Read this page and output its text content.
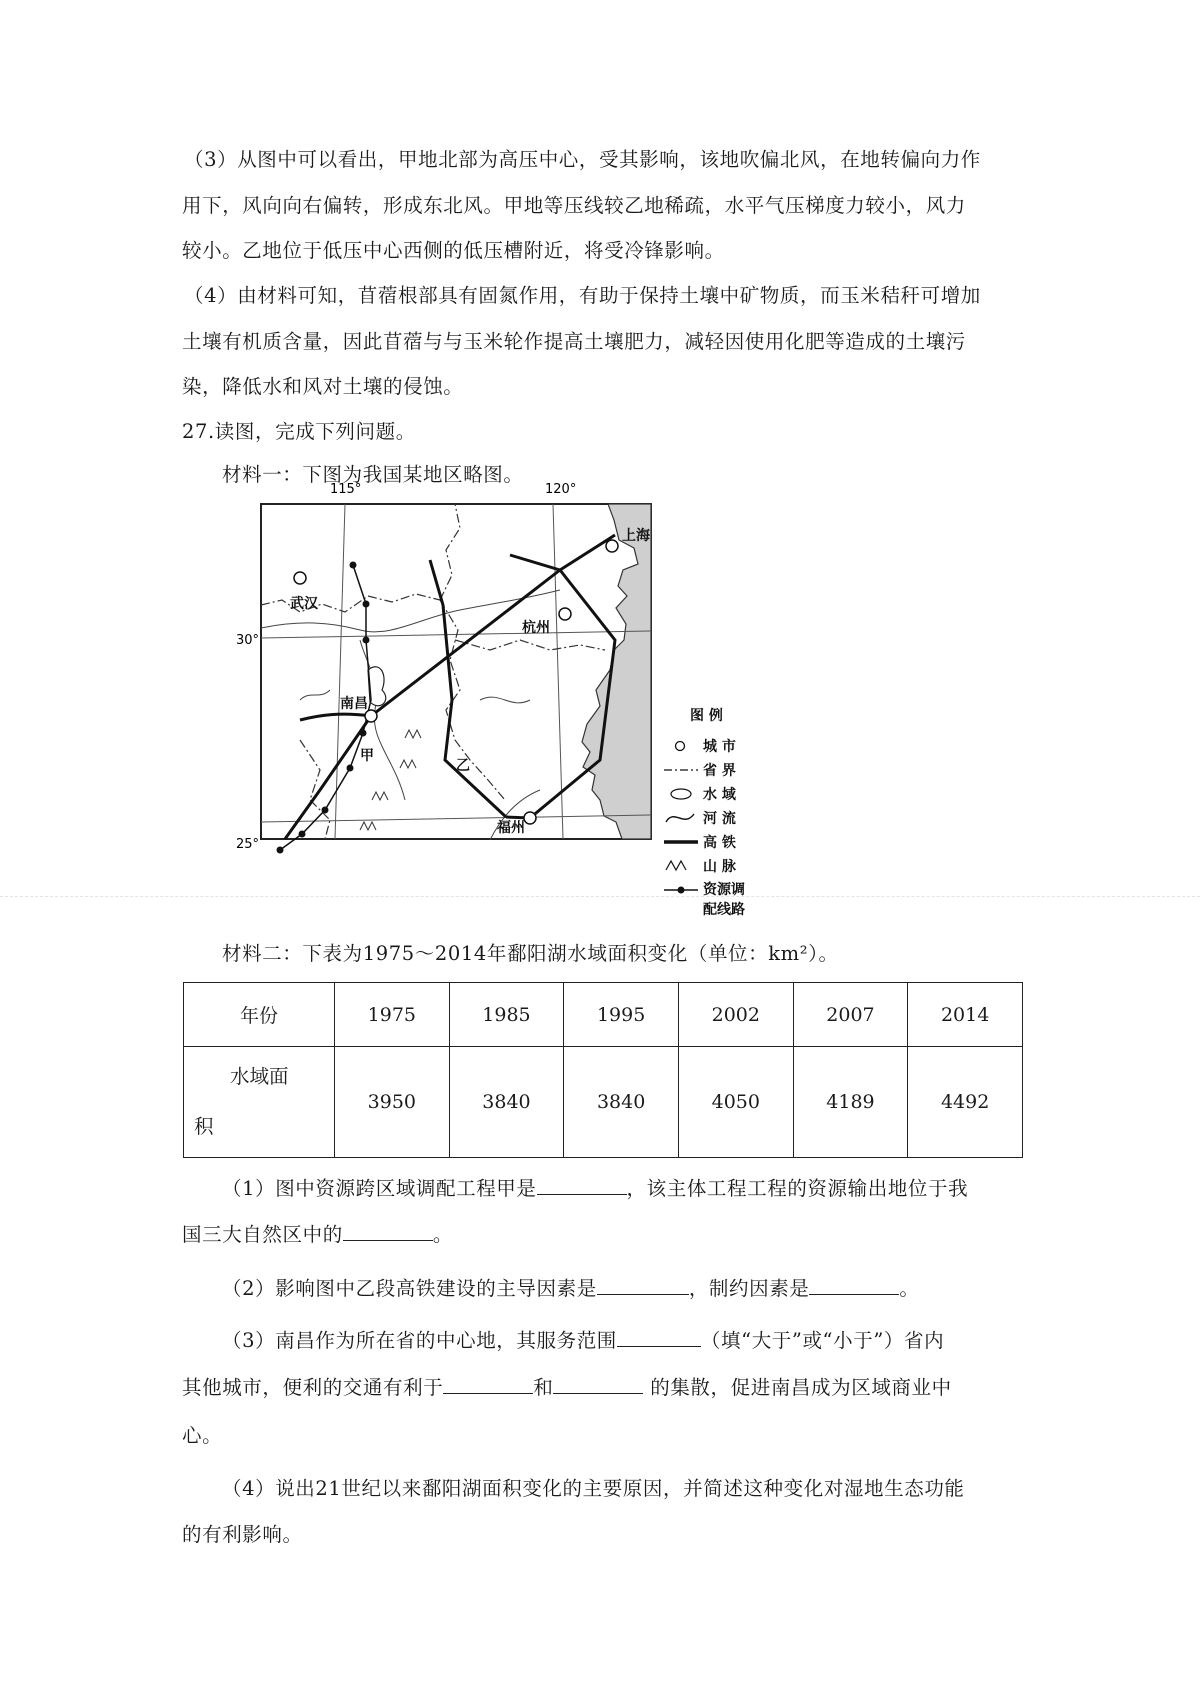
（3）从图中可以看出，甲地北部为高压中心，受其影响，该地吹偏北风，在地转偏向力作
用下，风向向右偏转，形成东北风。甲地等压线较乙地稀疏，水平气压梯度力较小，风力
较小。乙地位于低压中心西侧的低压槽附近，将受冷锋影响。
（4）由材料可知，苜蓿根部具有固氮作用，有助于保持土壤中矿物质，而玉米秸秆可增加
土壤有机质含量，因此苜蓿与与玉米轮作提高土壤肥力，减轻因使用化肥等造成的土壤污
染，降低水和风对土壤的侵蚀。
27.读图，完成下列问题。
材料一：下图为我国某地区略图。
115°	120°
30°
25°
武汉
杭州
上海
南昌
福州
甲
乙
图 例
城 市
省 界
水 域
河 流
高 铁
山 脉
资源调
配线路
材料二：下表为1975～2014年鄱阳湖水域面积变化（单位：km²）。
年份	1975	1985	1995	2002	2007	2014

水域面
积	3950	3840	3840	4050	4189	4492
（1）图中资源跨区域调配工程甲是	，该主体工程工程的资源输出地位于我
国三大自然区中的	。
（2）影响图中乙段高铁建设的主导因素是	，制约因素是	。
（3）南昌作为所在省的中心地，其服务范围	（填“大于”或“小于”）省内
其他城市，便利的交通有利于	和	的集散，促进南昌成为区域商业中
心。
（4）说出21世纪以来鄱阳湖面积变化的主要原因，并简述这种变化对湿地生态功能
的有利影响。
